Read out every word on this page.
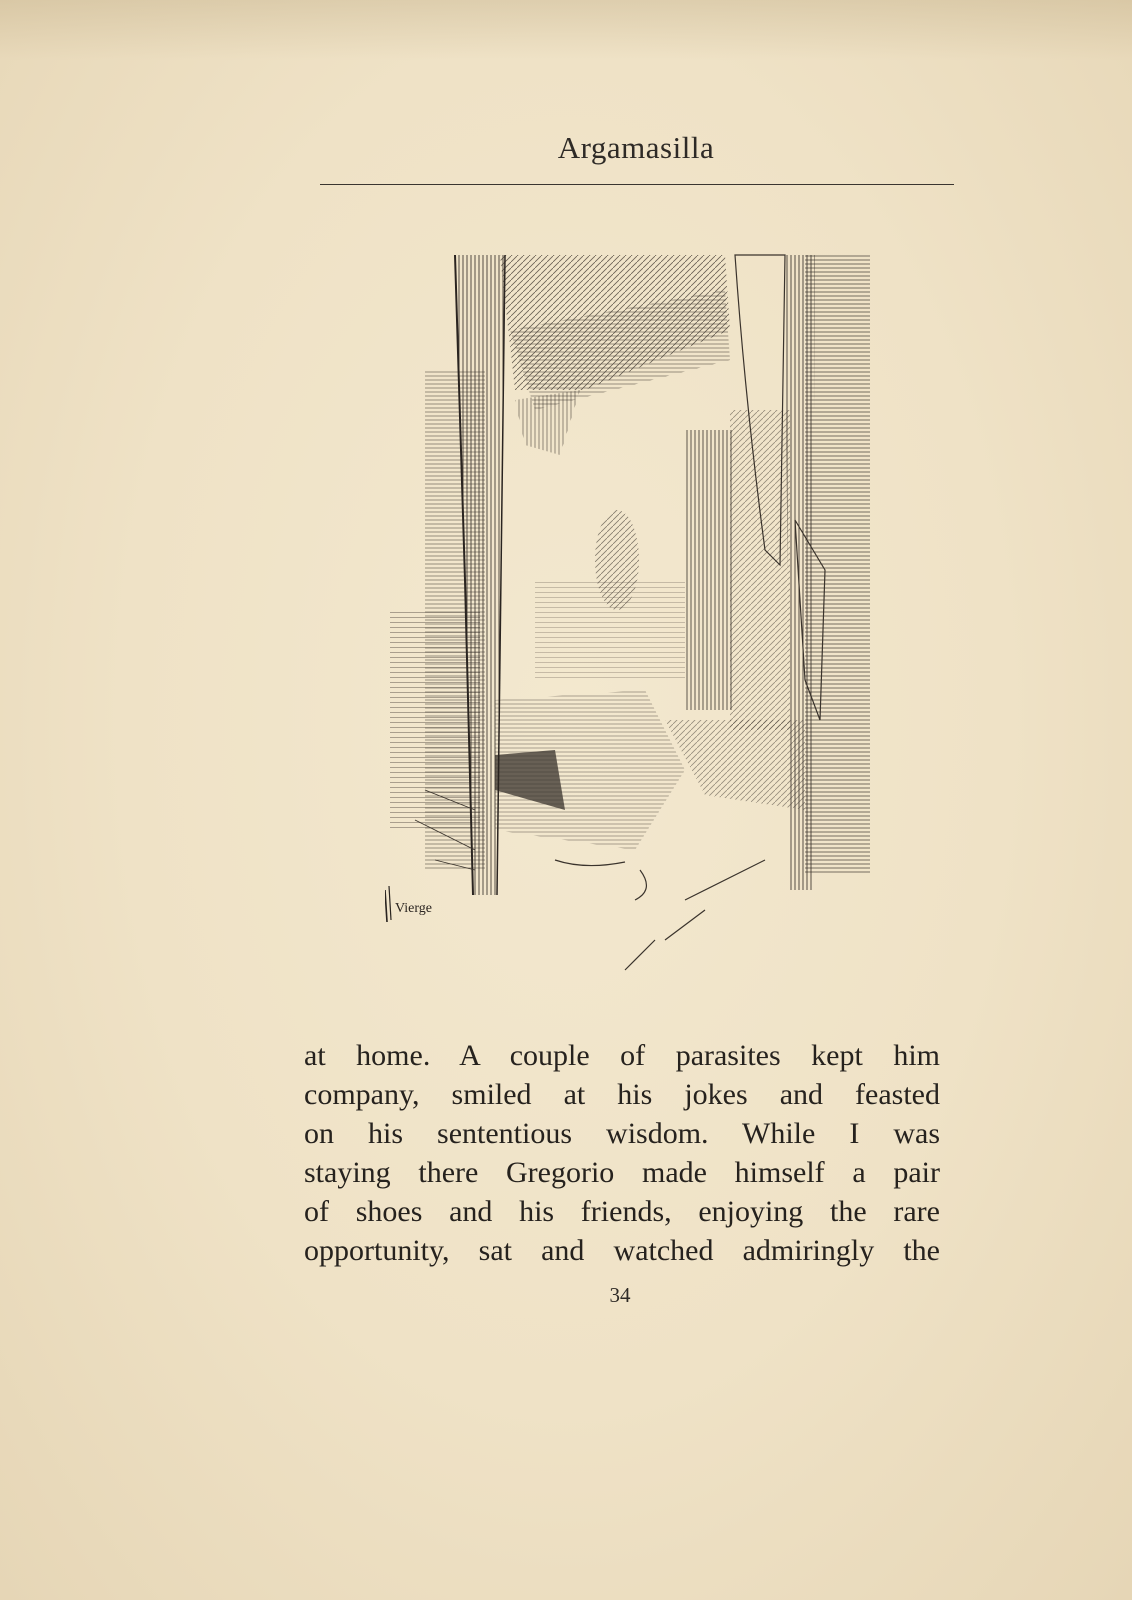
Argamasilla
Vierge
at home. A couple of parasites kept him
company, smiled at his jokes and feasted
on his sententious wisdom. While I was
staying there Gregorio made himself a pair
of shoes and his friends, enjoying the rare
opportunity, sat and watched admiringly the
34
